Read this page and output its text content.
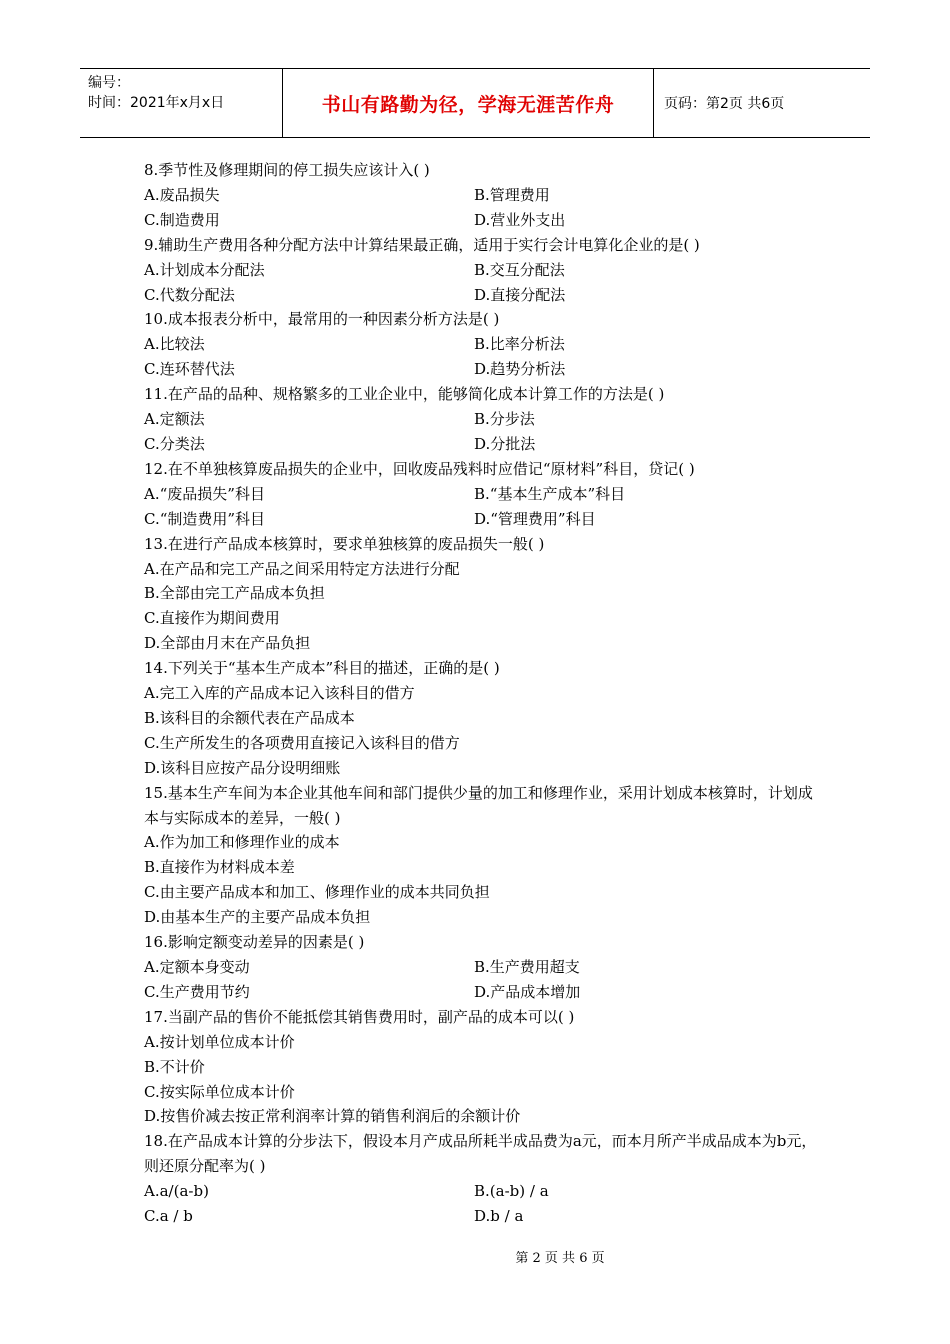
编号：
时间：2021年x月x日	书山有路勤为径，学海无涯苦作舟	页码：第2页 共6页
8.季节性及修理期间的停工损失应该计入( )
A.废品损失	B.管理费用
C.制造费用	D.营业外支出
9.辅助生产费用各种分配方法中计算结果最正确，适用于实行会计电算化企业的是( )
A.计划成本分配法	B.交互分配法
C.代数分配法	D.直接分配法
10.成本报表分析中，最常用的一种因素分析方法是( )
A.比较法	B.比率分析法
C.连环替代法	D.趋势分析法
11.在产品的品种、规格繁多的工业企业中，能够简化成本计算工作的方法是( )
A.定额法	B.分步法
C.分类法	D.分批法
12.在不单独核算废品损失的企业中，回收废品残料时应借记“原材料”科目，贷记( )
A.“废品损失”科目	B.“基本生产成本”科目
C.“制造费用”科目	D.“管理费用”科目
13.在进行产品成本核算时，要求单独核算的废品损失一般( )
A.在产品和完工产品之间采用特定方法进行分配
B.全部由完工产品成本负担
C.直接作为期间费用
D.全部由月末在产品负担
14.下列关于“基本生产成本”科目的描述，正确的是( )
A.完工入库的产品成本记入该科目的借方
B.该科目的余额代表在产品成本
C.生产所发生的各项费用直接记入该科目的借方
D.该科目应按产品分设明细账
15.基本生产车间为本企业其他车间和部门提供少量的加工和修理作业，采用计划成本核算时，计划成本与实际成本的差异，一般( )
A.作为加工和修理作业的成本
B.直接作为材料成本差
C.由主要产品成本和加工、修理作业的成本共同负担
D.由基本生产的主要产品成本负担
16.影响定额变动差异的因素是( )
A.定额本身变动	B.生产费用超支
C.生产费用节约	D.产品成本增加
17.当副产品的售价不能抵偿其销售费用时，副产品的成本可以( )
A.按计划单位成本计价
B.不计价
C.按实际单位成本计价
D.按售价减去按正常利润率计算的销售利润后的余额计价
18.在产品成本计算的分步法下，假设本月产成品所耗半成品费为a元，而本月所产半成品成本为b元，则还原分配率为( )
A.a/(a-b)	B.(a-b) / a
C.a / b	D.b / a
第 2 页 共 6 页
